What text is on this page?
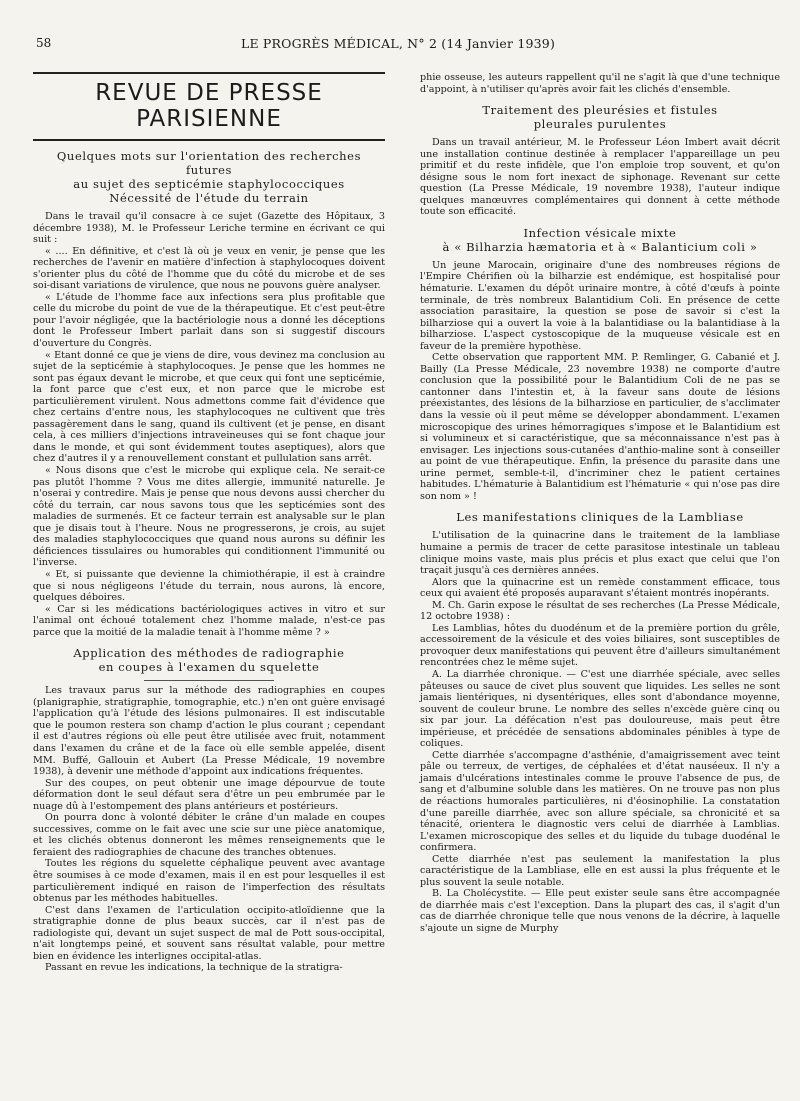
58	LE PROGRÈS MÉDICAL, N° 2 (14 Janvier 1939)
REVUE DE PRESSE PARISIENNE
Quelques mots sur l'orientation des recherches futures
au sujet des septicémie staphylococciques
Nécessité de l'étude du terrain

Dans le travail qu'il consacre à ce sujet (Gazette des Hôpitaux, 3 décembre 1938), M. le Professeur Leriche termine en écrivant ce qui suit :

« .... En définitive, et c'est là où je veux en venir, je pense que les recherches de l'avenir en matière d'infection à staphylocoques doivent s'orienter plus du côté de l'homme que du côté du microbe et de ses soi-disant variations de virulence, que nous ne pouvons guère analyser.

« L'étude de l'homme face aux infections sera plus profitable que celle du microbe du point de vue de la thérapeutique. Et c'est peut-être pour l'avoir négligée, que la bactériologie nous a donné les déceptions dont le Professeur Imbert parlait dans son si suggestif discours d'ouverture du Congrès.

« Etant donné ce que je viens de dire, vous devinez ma conclusion au sujet de la septicémie à staphylocoques. Je pense que les hommes ne sont pas égaux devant le microbe, et que ceux qui font une septicémie, la font parce que c'est eux, et non parce que le microbe est particulièrement virulent. Nous admettons comme fait d'évidence que chez certains d'entre nous, les staphylocoques ne cultivent que très passagèrement dans le sang, quand ils cultivent (et je pense, en disant cela, à ces milliers d'injections intraveineuses qui se font chaque jour dans le monde, et qui sont évidemment toutes aseptiques), alors que chez d'autres il y a renouvellement constant et pullulation sans arrêt.

« Nous disons que c'est le microbe qui explique cela. Ne serait-ce pas plutôt l'homme ? Vous me dites allergie, immunité naturelle. Je n'oserai y contredire. Mais je pense que nous devons aussi chercher du côté du terrain, car nous savons tous que les septicémies sont des maladies de surmenés. Et ce facteur terrain est analysable sur le plan que je disais tout à l'heure. Nous ne progresserons, je crois, au sujet des maladies staphylococciques que quand nous aurons su définir les déficiences tissulaires ou humorables qui conditionnent l'immunité ou l'inverse.

« Et, si puissante que devienne la chimiothérapie, il est à craindre que si nous négligeons l'étude du terrain, nous aurons, là encore, quelques déboires.

« Car si les médications bactériologiques actives in vitro et sur l'animal ont échoué totalement chez l'homme malade, n'est-ce pas parce que la moitié de la maladie tenait à l'homme même ? »

Application des méthodes de radiographie
en coupes à l'examen du squelette

Les travaux parus sur la méthode des radiographies en coupes (planigraphie, stratigraphie, tomographie, etc.) n'en ont guère envisagé l'application qu'à l'étude des lésions pulmonaires. Il est indiscutable que le poumon restera son champ d'action le plus courant ; cependant il est d'autres régions où elle peut être utilisée avec fruit, notamment dans l'examen du crâne et de la face où elle semble appelée, disent MM. Buffé, Gallouin et Aubert (La Presse Médicale, 19 novembre 1938), à devenir une méthode d'appoint aux indications fréquentes.

Sur des coupes, on peut obtenir une image dépourvue de toute déformation dont le seul défaut sera d'être un peu embrumée par le nuage dû à l'estompement des plans antérieurs et postérieurs.

On pourra donc à volonté débiter le crâne d'un malade en coupes successives, comme on le fait avec une scie sur une pièce anatomique, et les clichés obtenus donneront les mêmes renseignements que le feraient des radiographies de chacune des tranches obtenues.

Toutes les régions du squelette céphalique peuvent avec avantage être soumises à ce mode d'examen, mais il en est pour lesquelles il est particulièrement indiqué en raison de l'imperfection des résultats obtenus par les méthodes habituelles.

C'est dans l'examen de l'articulation occipito-atloïdienne que la stratigraphie donne de plus beaux succès, car il n'est pas de radiologiste qui, devant un sujet suspect de mal de Pott sous-occipital, n'ait longtemps peiné, et souvent sans résultat valable, pour mettre bien en évidence les interlignes occipital-atlas.

Passant en revue les indications, la technique de la stratigra-

phie osseuse, les auteurs rappellent qu'il ne s'agit là que d'une technique d'appoint, à n'utiliser qu'après avoir fait les clichés d'ensemble.

Traitement des pleurésies et fistules
pleurales purulentes

Dans un travail antérieur, M. le Professeur Léon Imbert avait décrit une installation continue destinée à remplacer l'appareillage un peu primitif et du reste infidèle, que l'on emploie trop souvent, et qu'on désigne sous le nom fort inexact de siphonage. Revenant sur cette question (La Presse Médicale, 19 novembre 1938), l'auteur indique quelques manœuvres complémentaires qui donnent à cette méthode toute son efficacité.

Infection vésicale mixte
à « Bilharzia hæmatoria et à « Balanticium coli »

Un jeune Marocain, originaire d'une des nombreuses régions de l'Empire Chérifien où la bilharzie est endémique, est hospitalisé pour hématurie. L'examen du dépôt urinaire montre, à côté d'œufs à pointe terminale, de très nombreux Balantidium Coli. En présence de cette association parasitaire, la question se pose de savoir si c'est la bilharziose qui a ouvert la voie à la balantidiase ou la balantidiase à la bilharziose. L'aspect cystoscopique de la muqueuse vésicale est en faveur de la première hypothèse.

Cette observation que rapportent MM. P. Remlinger, G. Cabanié et J. Bailly (La Presse Médicale, 23 novembre 1938) ne comporte d'autre conclusion que la possibilité pour le Balantidium Coli de ne pas se cantonner dans l'intestin et, à la faveur sans doute de lésions préexistantes, des lésions de la bilharziose en particulier, de s'acclimater dans la vessie où il peut même se développer abondamment. L'examen microscopique des urines hémorragiques s'impose et le Balantidium est si volumineux et si caractéristique, que sa méconnaissance n'est pas à envisager. Les injections sous-cutanées d'anthio-maline sont à conseiller au point de vue thérapeutique. Enfin, la présence du parasite dans une urine permet, semble-t-il, d'incriminer chez le patient certaines habitudes. L'hématurie à Balantidium est l'hématurie « qui n'ose pas dire son nom » !

Les manifestations cliniques de la Lambliase

L'utilisation de la quinacrine dans le traitement de la lambliase humaine a permis de tracer de cette parasitose intestinale un tableau clinique moins vaste, mais plus précis et plus exact que celui que l'on traçait jusqu'à ces dernières années.

Alors que la quinacrine est un remède constamment efficace, tous ceux qui avaient été proposés auparavant s'étaient montrés inopérants.

M. Ch. Garin expose le résultat de ses recherches (La Presse Médicale, 12 octobre 1938) :

Les Lamblias, hôtes du duodénum et de la première portion du grêle, accessoirement de la vésicule et des voies biliaires, sont susceptibles de provoquer deux manifestations qui peuvent être d'ailleurs simultanément rencontrées chez le même sujet.

A. La diarrhée chronique. — C'est une diarrhée spéciale, avec selles pâteuses ou sauce de civet plus souvent que liquides. Les selles ne sont jamais lientériques, ni dysentériques, elles sont d'abondance moyenne, souvent de couleur brune. Le nombre des selles n'excède guère cinq ou six par jour. La défécation n'est pas douloureuse, mais peut être impérieuse, et précédée de sensations abdominales pénibles à type de coliques.

Cette diarrhée s'accompagne d'asthénie, d'amaigrissement avec teint pâle ou terreux, de vertiges, de céphalées et d'état nauséeux. Il n'y a jamais d'ulcérations intestinales comme le prouve l'absence de pus, de sang et d'albumine soluble dans les matières. On ne trouve pas non plus de réactions humorales particulières, ni d'éosinophilie. La constatation d'une pareille diarrhée, avec son allure spéciale, sa chronicité et sa ténacité, orientera le diagnostic vers celui de diarrhée à Lamblias. L'examen microscopique des selles et du liquide du tubage duodénal le confirmera.

Cette diarrhée n'est pas seulement la manifestation la plus caractéristique de la Lambliase, elle en est aussi la plus fréquente et le plus souvent la seule notable.

B. La Cholécystite. — Elle peut exister seule sans être accompagnée de diarrhée mais c'est l'exception. Dans la plupart des cas, il s'agit d'un cas de diarrhée chronique telle que nous venons de la décrire, à laquelle s'ajoute un signe de Murphy
